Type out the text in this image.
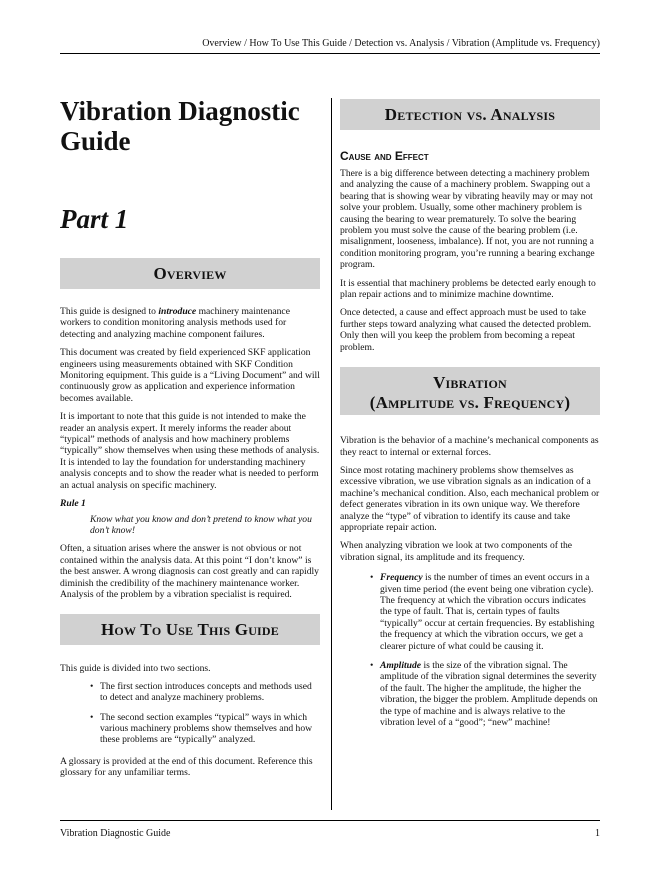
Overview / How To Use This Guide / Detection vs. Analysis / Vibration (Amplitude vs. Frequency)
Vibration Diagnostic Guide
Part 1
Overview

This guide is designed to introduce machinery maintenance workers to condition monitoring analysis methods used for detecting and analyzing machine component failures.

This document was created by field experienced SKF application engineers using measurements obtained with SKF Condition Monitoring equipment. This guide is a “Living Document” and will continuously grow as application and experience information becomes available.

It is important to note that this guide is not intended to make the reader an analysis expert. It merely informs the reader about “typical” methods of analysis and how machinery problems “typically” show themselves when using these methods of analysis. It is intended to lay the foundation for understanding machinery analysis concepts and to show the reader what is needed to perform an actual analysis on specific machinery.

Rule 1
Know what you know and don’t pretend to know what you don’t know!

Often, a situation arises where the answer is not obvious or not contained within the analysis data. At this point “I don’t know” is the best answer. A wrong diagnosis can cost greatly and can rapidly diminish the credibility of the machinery maintenance worker. Analysis of the problem by a vibration specialist is required.

How To Use This Guide

This guide is divided into two sections.

• The first section introduces concepts and methods used to detect and analyze machinery problems.
• The second section examples “typical” ways in which various machinery problems show themselves and how these problems are “typically” analyzed.

A glossary is provided at the end of this document. Reference this glossary for any unfamiliar terms.

Detection vs. Analysis
Cause and Effect

There is a big difference between detecting a machinery problem and analyzing the cause of a machinery problem. Swapping out a bearing that is showing wear by vibrating heavily may or may not solve your problem. Usually, some other machinery problem is causing the bearing to wear prematurely. To solve the bearing problem you must solve the cause of the bearing problem (i.e. misalignment, looseness, imbalance). If not, you are not running a condition monitoring program, you’re running a bearing exchange program.

It is essential that machinery problems be detected early enough to plan repair actions and to minimize machine downtime.

Once detected, a cause and effect approach must be used to take further steps toward analyzing what caused the detected problem. Only then will you keep the problem from becoming a repeat problem.

Vibration
(Amplitude vs. Frequency)

Vibration is the behavior of a machine’s mechanical components as they react to internal or external forces.

Since most rotating machinery problems show themselves as excessive vibration, we use vibration signals as an indication of a machine’s mechanical condition. Also, each mechanical problem or defect generates vibration in its own unique way. We therefore analyze the “type” of vibration to identify its cause and take appropriate repair action.

When analyzing vibration we look at two components of the vibration signal, its amplitude and its frequency.

• Frequency is the number of times an event occurs in a given time period (the event being one vibration cycle). The frequency at which the vibration occurs indicates the type of fault. That is, certain types of faults “typically” occur at certain frequencies. By establishing the frequency at which the vibration occurs, we get a clearer picture of what could be causing it.
• Amplitude is the size of the vibration signal. The amplitude of the vibration signal determines the severity of the fault. The higher the amplitude, the higher the vibration, the bigger the problem. Amplitude depends on the type of machine and is always relative to the vibration level of a “good”; “new” machine!
Vibration Diagnostic Guide	1
